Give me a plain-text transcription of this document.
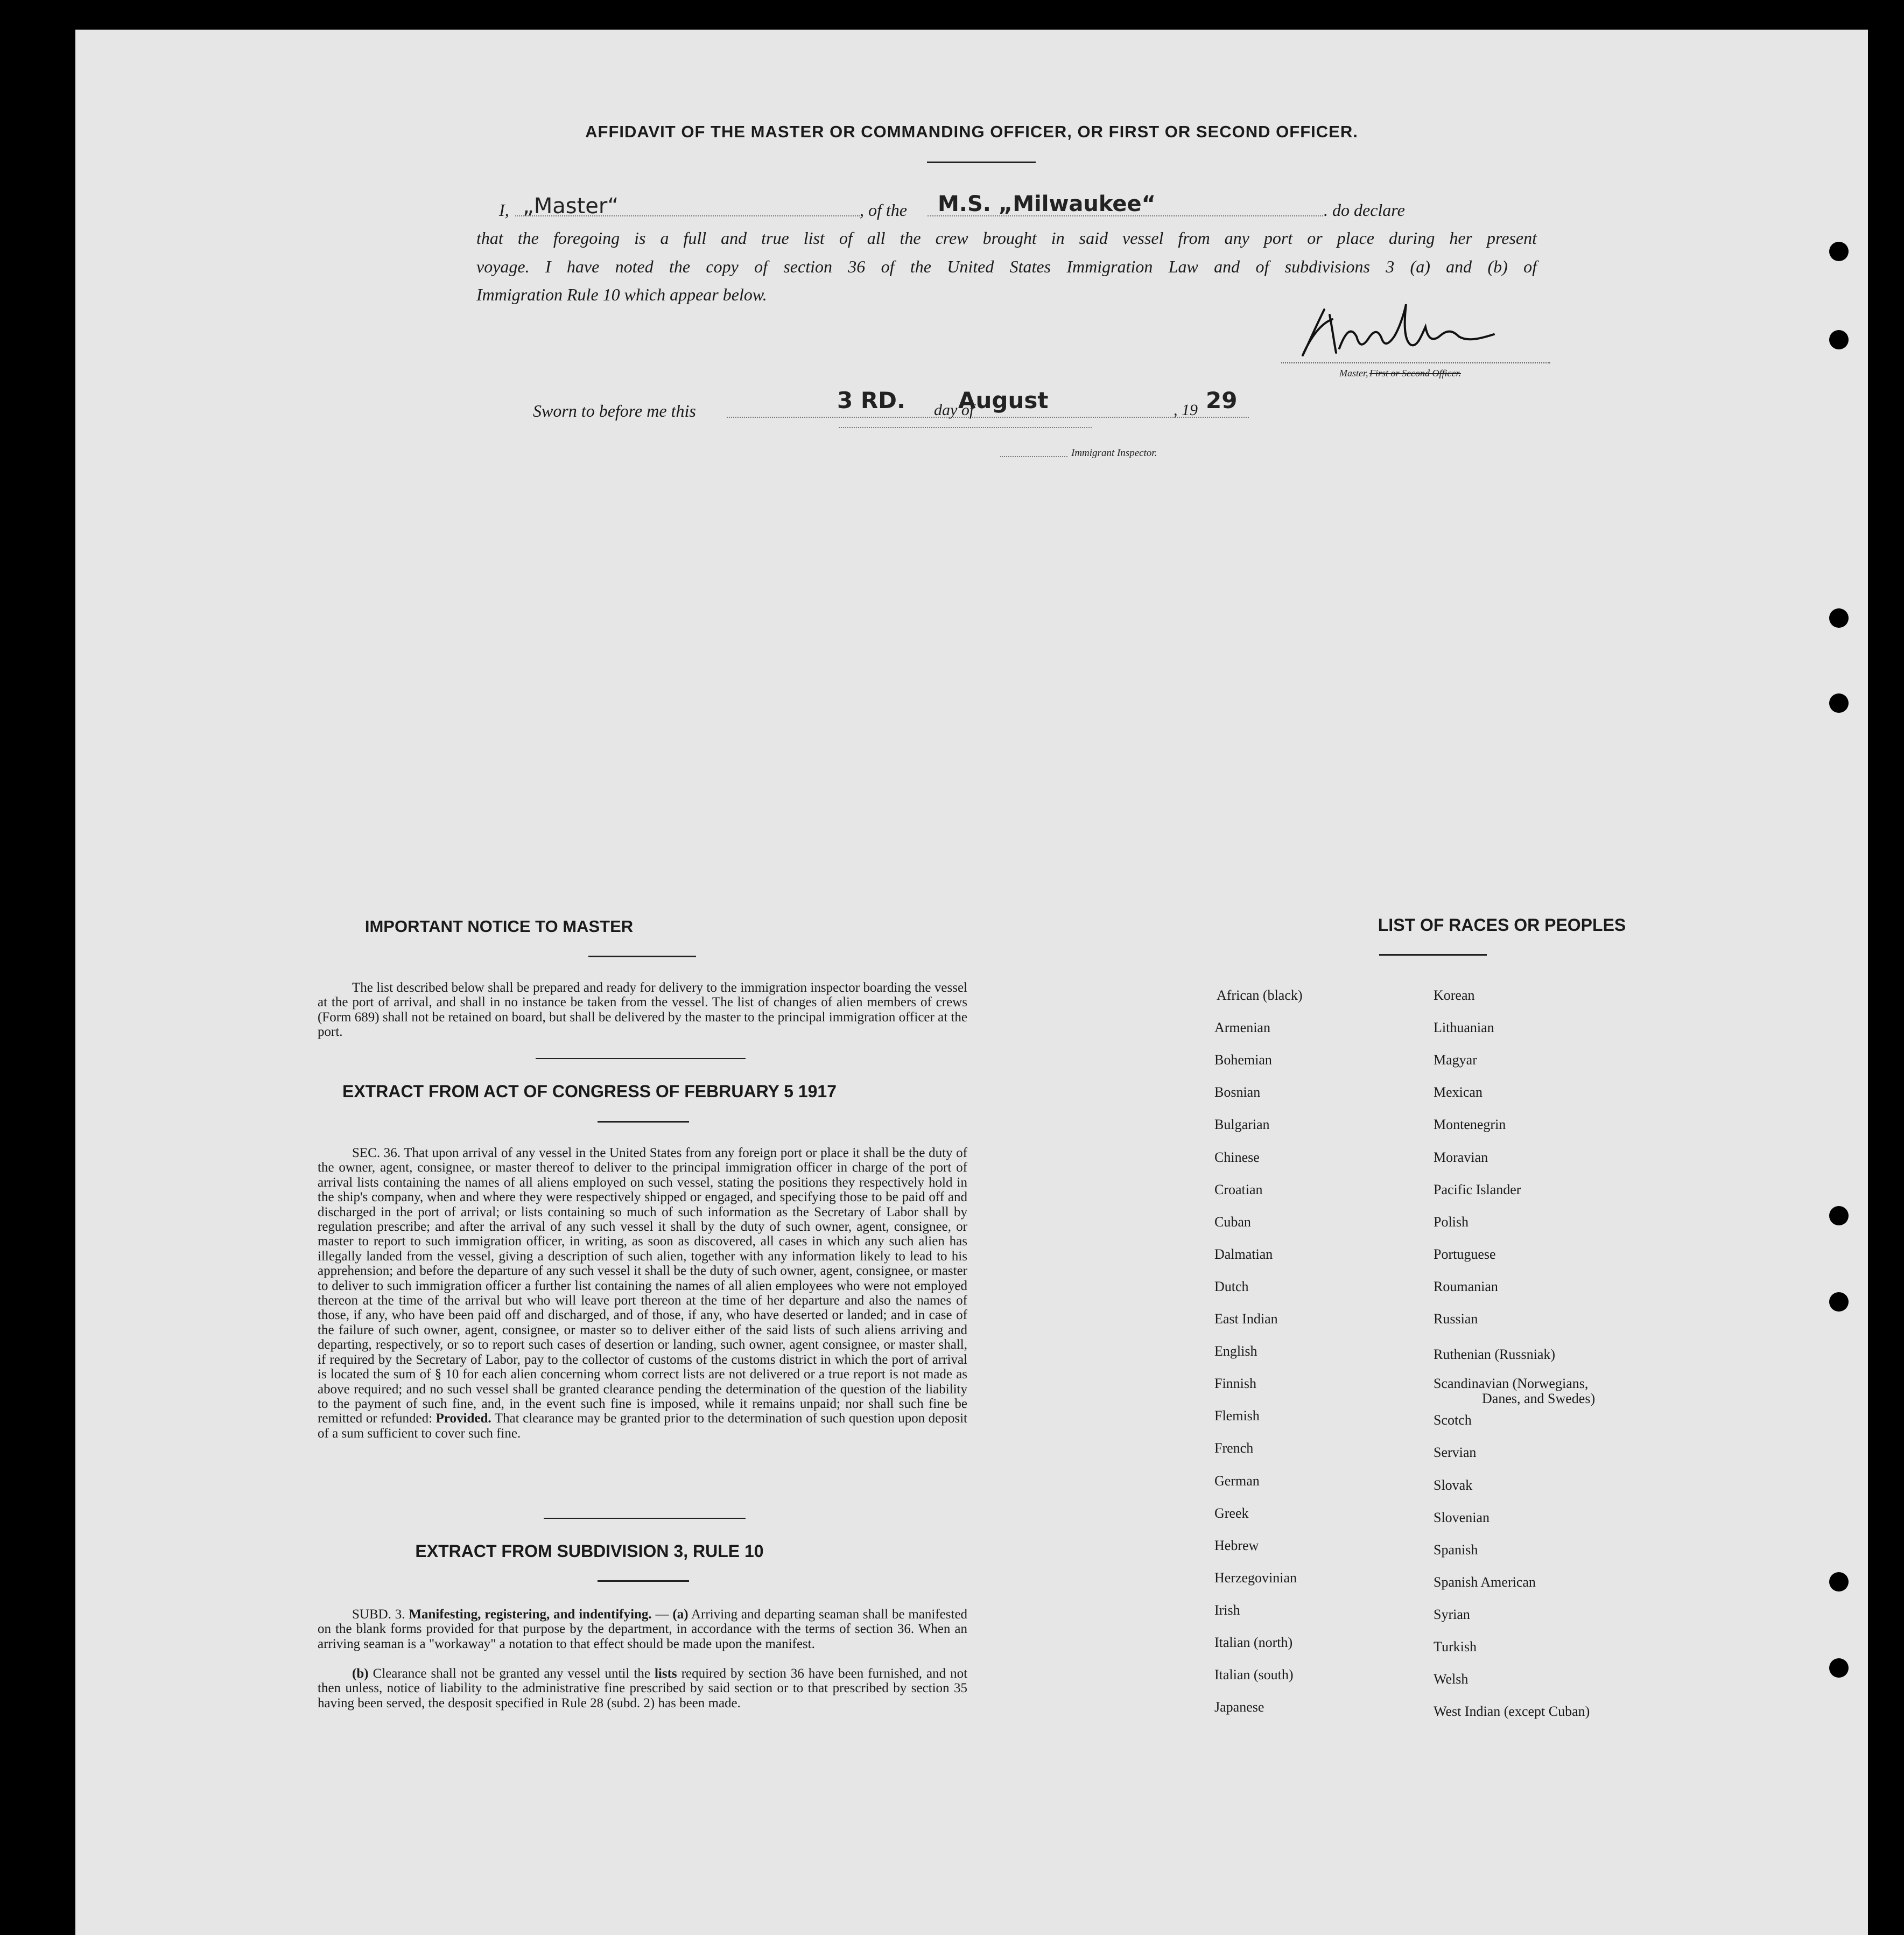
AFFIDAVIT OF THE MASTER OR COMMANDING OFFICER, OR FIRST OR SECOND OFFICER.
I, „Master“	, of the M.S. „Milwaukee“	. do declare
that the foregoing is a full and true list of all the crew brought in said vessel from any port or place during her present
voyage. I have noted the copy of section 36 of the United States Immigration Law and of subdivisions 3 (a) and (b) of
Immigration Rule 10 which appear below.
Master, First or Second Officer.
Sworn to before me this	3 RD. day of
August	, 19 29
Immigrant Inspector.
IMPORTANT NOTICE TO MASTER
The list described below shall be prepared and ready for delivery to the immigration inspector boarding the vessel at the port of arrival, and shall in no instance be taken from the vessel. The list of changes of alien members of crews (Form 689) shall not be retained on board, but shall be delivered by the master to the principal immigration officer at the port.
EXTRACT FROM ACT OF CONGRESS OF FEBRUARY 5 1917
SEC. 36. That upon arrival of any vessel in the United States from any foreign port or place it shall be the duty of the owner, agent, consignee, or master thereof to deliver to the principal immigration officer in charge of the port of arrival lists containing the names of all aliens employed on such vessel, stating the positions they respectively hold in the ship's company, when and where they were respectively shipped or engaged, and specifying those to be paid off and discharged in the port of arrival; or lists containing so much of such information as the Secretary of Labor shall by regulation prescribe; and after the arrival of any such vessel it shall by the duty of such owner, agent, consignee, or master to report to such immigration officer, in writing, as soon as discovered, all cases in which any such alien has illegally landed from the vessel, giving a description of such alien, together with any information likely to lead to his apprehension; and before the departure of any such vessel it shall be the duty of such owner, agent, consignee, or master to deliver to such immigration officer a further list containing the names of all alien employees who were not employed thereon at the time of the arrival but who will leave port thereon at the time of her departure and also the names of those, if any, who have been paid off and discharged, and of those, if any, who have deserted or landed; and in case of the failure of such owner, agent, consignee, or master so to deliver either of the said lists of such aliens arriving and departing, respectively, or so to report such cases of desertion or landing, such owner, agent consignee, or master shall, if required by the Secretary of Labor, pay to the collector of customs of the customs district in which the port of arrival is located the sum of § 10 for each alien concerning whom correct lists are not delivered or a true report is not made as above required; and no such vessel shall be granted clearance pending the determination of the question of the liability to the payment of such fine, and, in the event such fine is imposed, while it remains unpaid; nor shall such fine be remitted or refunded: Provided. That clearance may be granted prior to the determination of such question upon deposit of a sum sufficient to cover such fine.
EXTRACT FROM SUBDIVISION 3, RULE 10
SUBD. 3. Manifesting, registering, and indentifying. — (a) Arriving and departing seaman shall be manifested on the blank forms provided for that purpose by the department, in accordance with the terms of section 36. When an arriving seaman is a "workaway" a notation to that effect should be made upon the manifest.
(b) Clearance shall not be granted any vessel until the lists required by section 36 have been furnished, and not then unless, notice of liability to the administrative fine prescribed by said section or to that prescribed by section 35 having been served, the desposit specified in Rule 28 (subd. 2) has been made.
LIST OF RACES OR PEOPLES
African (black)
Armenian
Bohemian
Bosnian
Bulgarian
Chinese
Croatian
Cuban
Dalmatian
Dutch
East Indian
English
Finnish
Flemish
French
German
Greek
Hebrew
Herzegovinian
Irish
Italian (north)
Italian (south)
Japanese
Korean
Lithuanian
Magyar
Mexican
Montenegrin
Moravian
Pacific Islander
Polish
Portuguese
Roumanian
Russian
Ruthenian (Russniak)
Scandinavian (Norwegians,
Danes, and Swedes)
Scotch
Servian
Slovak
Slovenian
Spanish
Spanish American
Syrian
Turkish
Welsh
West Indian (except Cuban)
